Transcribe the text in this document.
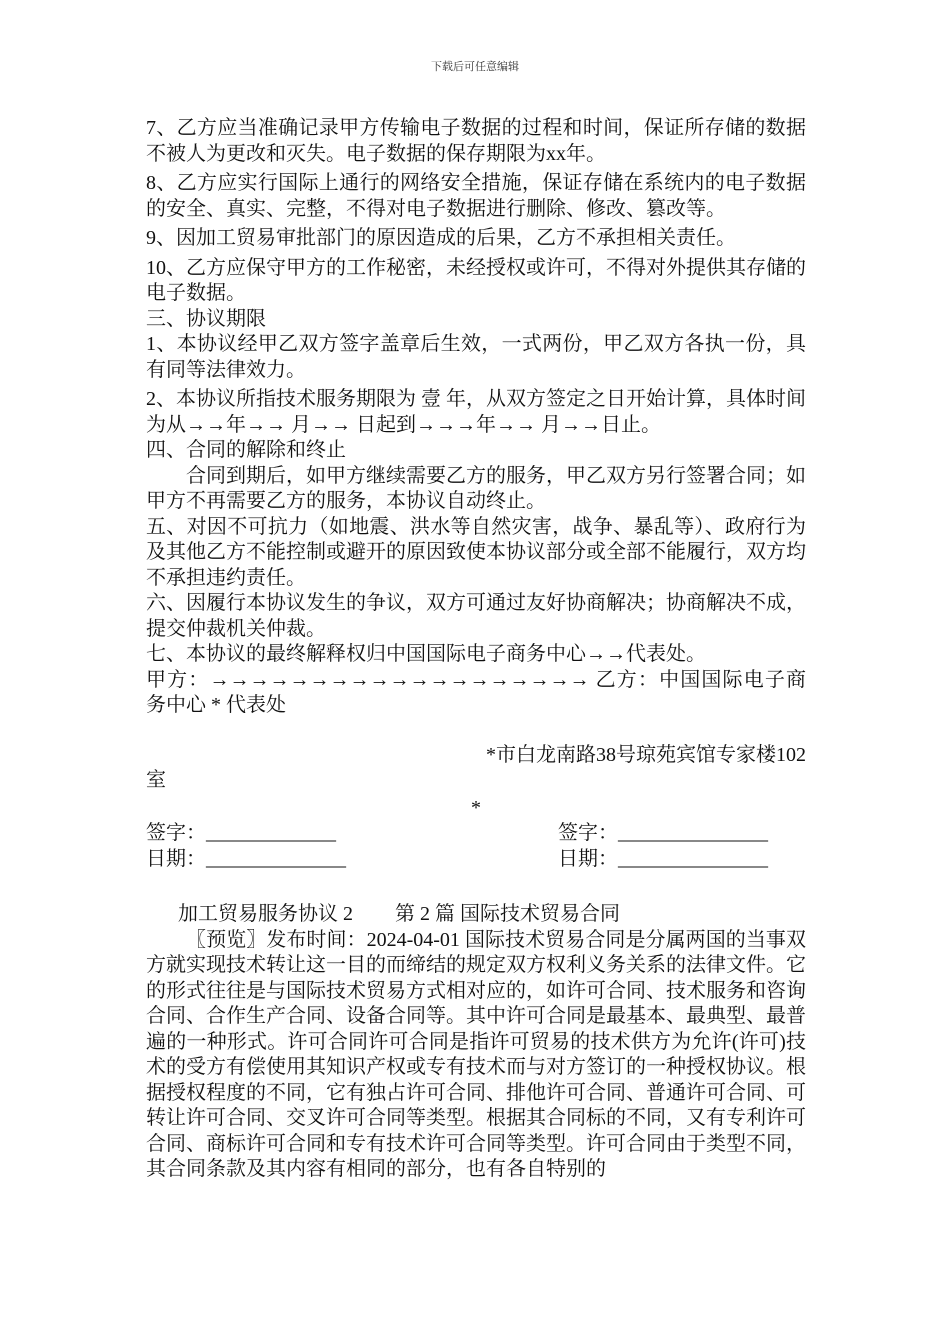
下载后可任意编辑

7、乙方应当准确记录甲方传输电子数据的过程和时间，保证所存储的数据不被人为更改和灭失。电子数据的保存期限为xx年。

8、乙方应实行国际上通行的网络安全措施，保证存储在系统内的电子数据的安全、真实、完整，不得对电子数据进行删除、修改、篡改等。

9、因加工贸易审批部门的原因造成的后果，乙方不承担相关责任。

10、乙方应保守甲方的工作秘密，未经授权或许可，不得对外提供其存储的电子数据。

三、协议期限

1、本协议经甲乙双方签字盖章后生效，一式两份，甲乙双方各执一份，具有同等法律效力。

2、本协议所指技术服务期限为 壹 年，从双方签定之日开始计算，具体时间为从→→年→→ 月→→ 日起到→→→年→→ 月→→日止。

四、合同的解除和终止

合同到期后，如甲方继续需要乙方的服务，甲乙双方另行签署合同；如甲方不再需要乙方的服务，本协议自动终止。

五、对因不可抗力（如地震、洪水等自然灾害，战争、暴乱等）、政府行为及其他乙方不能控制或避开的原因致使本协议部分或全部不能履行，双方均不承担违约责任。

六、因履行本协议发生的争议，双方可通过友好协商解决；协商解决不成，提交仲裁机关仲裁。

七、本协议的最终解释权归中国国际电子商务中心→→代表处。

甲方：→→→→→→→→→→→→→→→→→→→ 乙方：中国国际电子商务中心 * 代表处

*市白龙南路38号琼苑宾馆专家楼102室

*

签字：_____________	签字：_______________
日期：______________	日期：_______________

加工贸易服务协议 2 第 2 篇 国际技术贸易合同

〖预览〗发布时间：2024-04-01 国际技术贸易合同是分属两国的当事双方就实现技术转让这一目的而缔结的规定双方权利义务关系的法律文件。它的形式往往是与国际技术贸易方式相对应的，如许可合同、技术服务和咨询合同、合作生产合同、设备合同等。其中许可合同是最基本、最典型、最普遍的一种形式。许可合同许可合同是指许可贸易的技术供方为允许(许可)技术的受方有偿使用其知识产权或专有技术而与对方签订的一种授权协议。根据授权程度的不同，它有独占许可合同、排他许可合同、普通许可合同、可转让许可合同、交叉许可合同等类型。根据其合同标的不同，又有专利许可合同、商标许可合同和专有技术许可合同等类型。许可合同由于类型不同，其合同条款及其内容有相同的部分，也有各自特别的
